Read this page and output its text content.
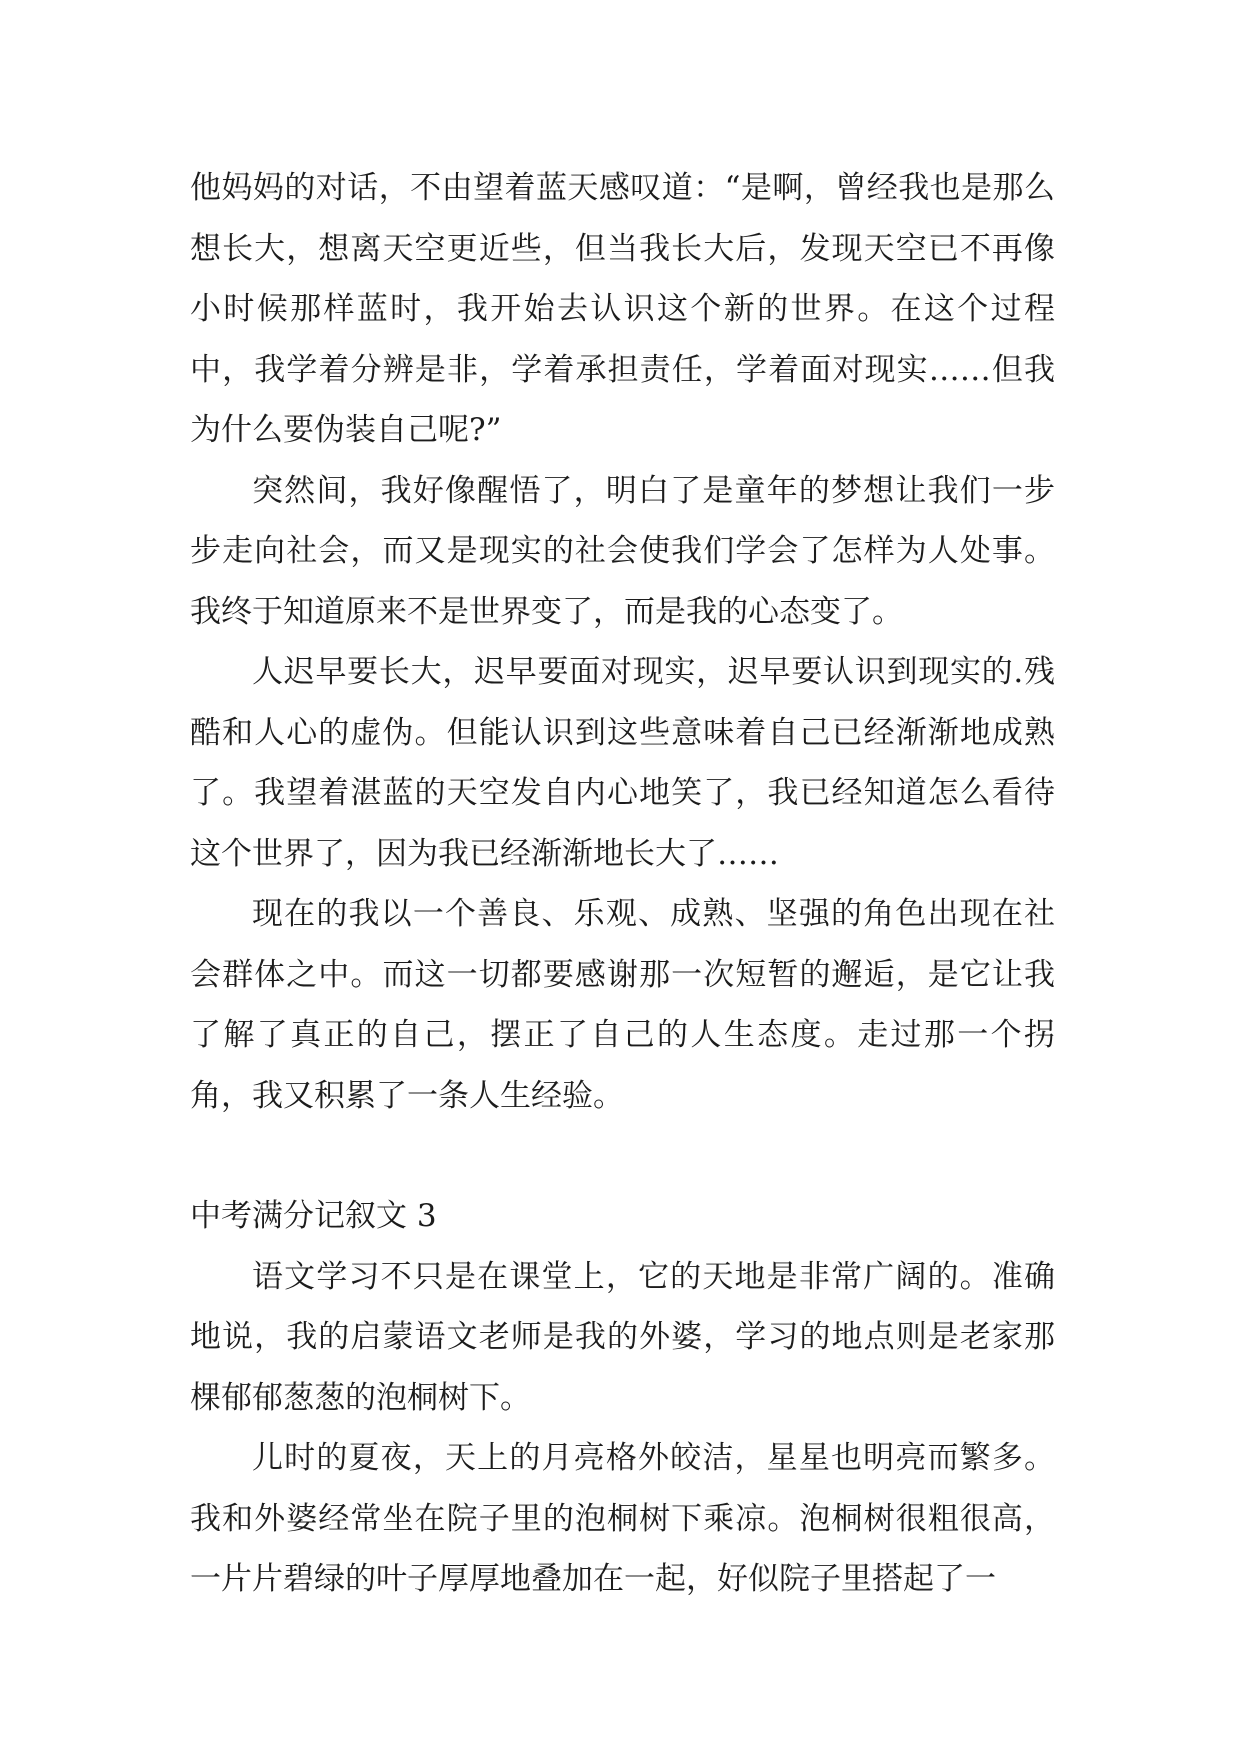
他妈妈的对话，不由望着蓝天感叹道：“是啊，曾经我也是那么想长大，想离天空更近些，但当我长大后，发现天空已不再像小时候那样蓝时，我开始去认识这个新的世界。在这个过程中，我学着分辨是非，学着承担责任，学着面对现实……但我为什么要伪装自己呢?”

突然间，我好像醒悟了，明白了是童年的梦想让我们一步步走向社会，而又是现实的社会使我们学会了怎样为人处事。我终于知道原来不是世界变了，而是我的心态变了。

人迟早要长大，迟早要面对现实，迟早要认识到现实的.残酷和人心的虚伪。但能认识到这些意味着自己已经渐渐地成熟了。我望着湛蓝的天空发自内心地笑了，我已经知道怎么看待这个世界了，因为我已经渐渐地长大了……

现在的我以一个善良、乐观、成熟、坚强的角色出现在社会群体之中。而这一切都要感谢那一次短暂的邂逅，是它让我了解了真正的自己，摆正了自己的人生态度。走过那一个拐角，我又积累了一条人生经验。

中考满分记叙文 3

语文学习不只是在课堂上，它的天地是非常广阔的。准确地说，我的启蒙语文老师是我的外婆，学习的地点则是老家那棵郁郁葱葱的泡桐树下。

儿时的夏夜，天上的月亮格外皎洁，星星也明亮而繁多。我和外婆经常坐在院子里的泡桐树下乘凉。泡桐树很粗很高，一片片碧绿的叶子厚厚地叠加在一起，好似院子里搭起了一
